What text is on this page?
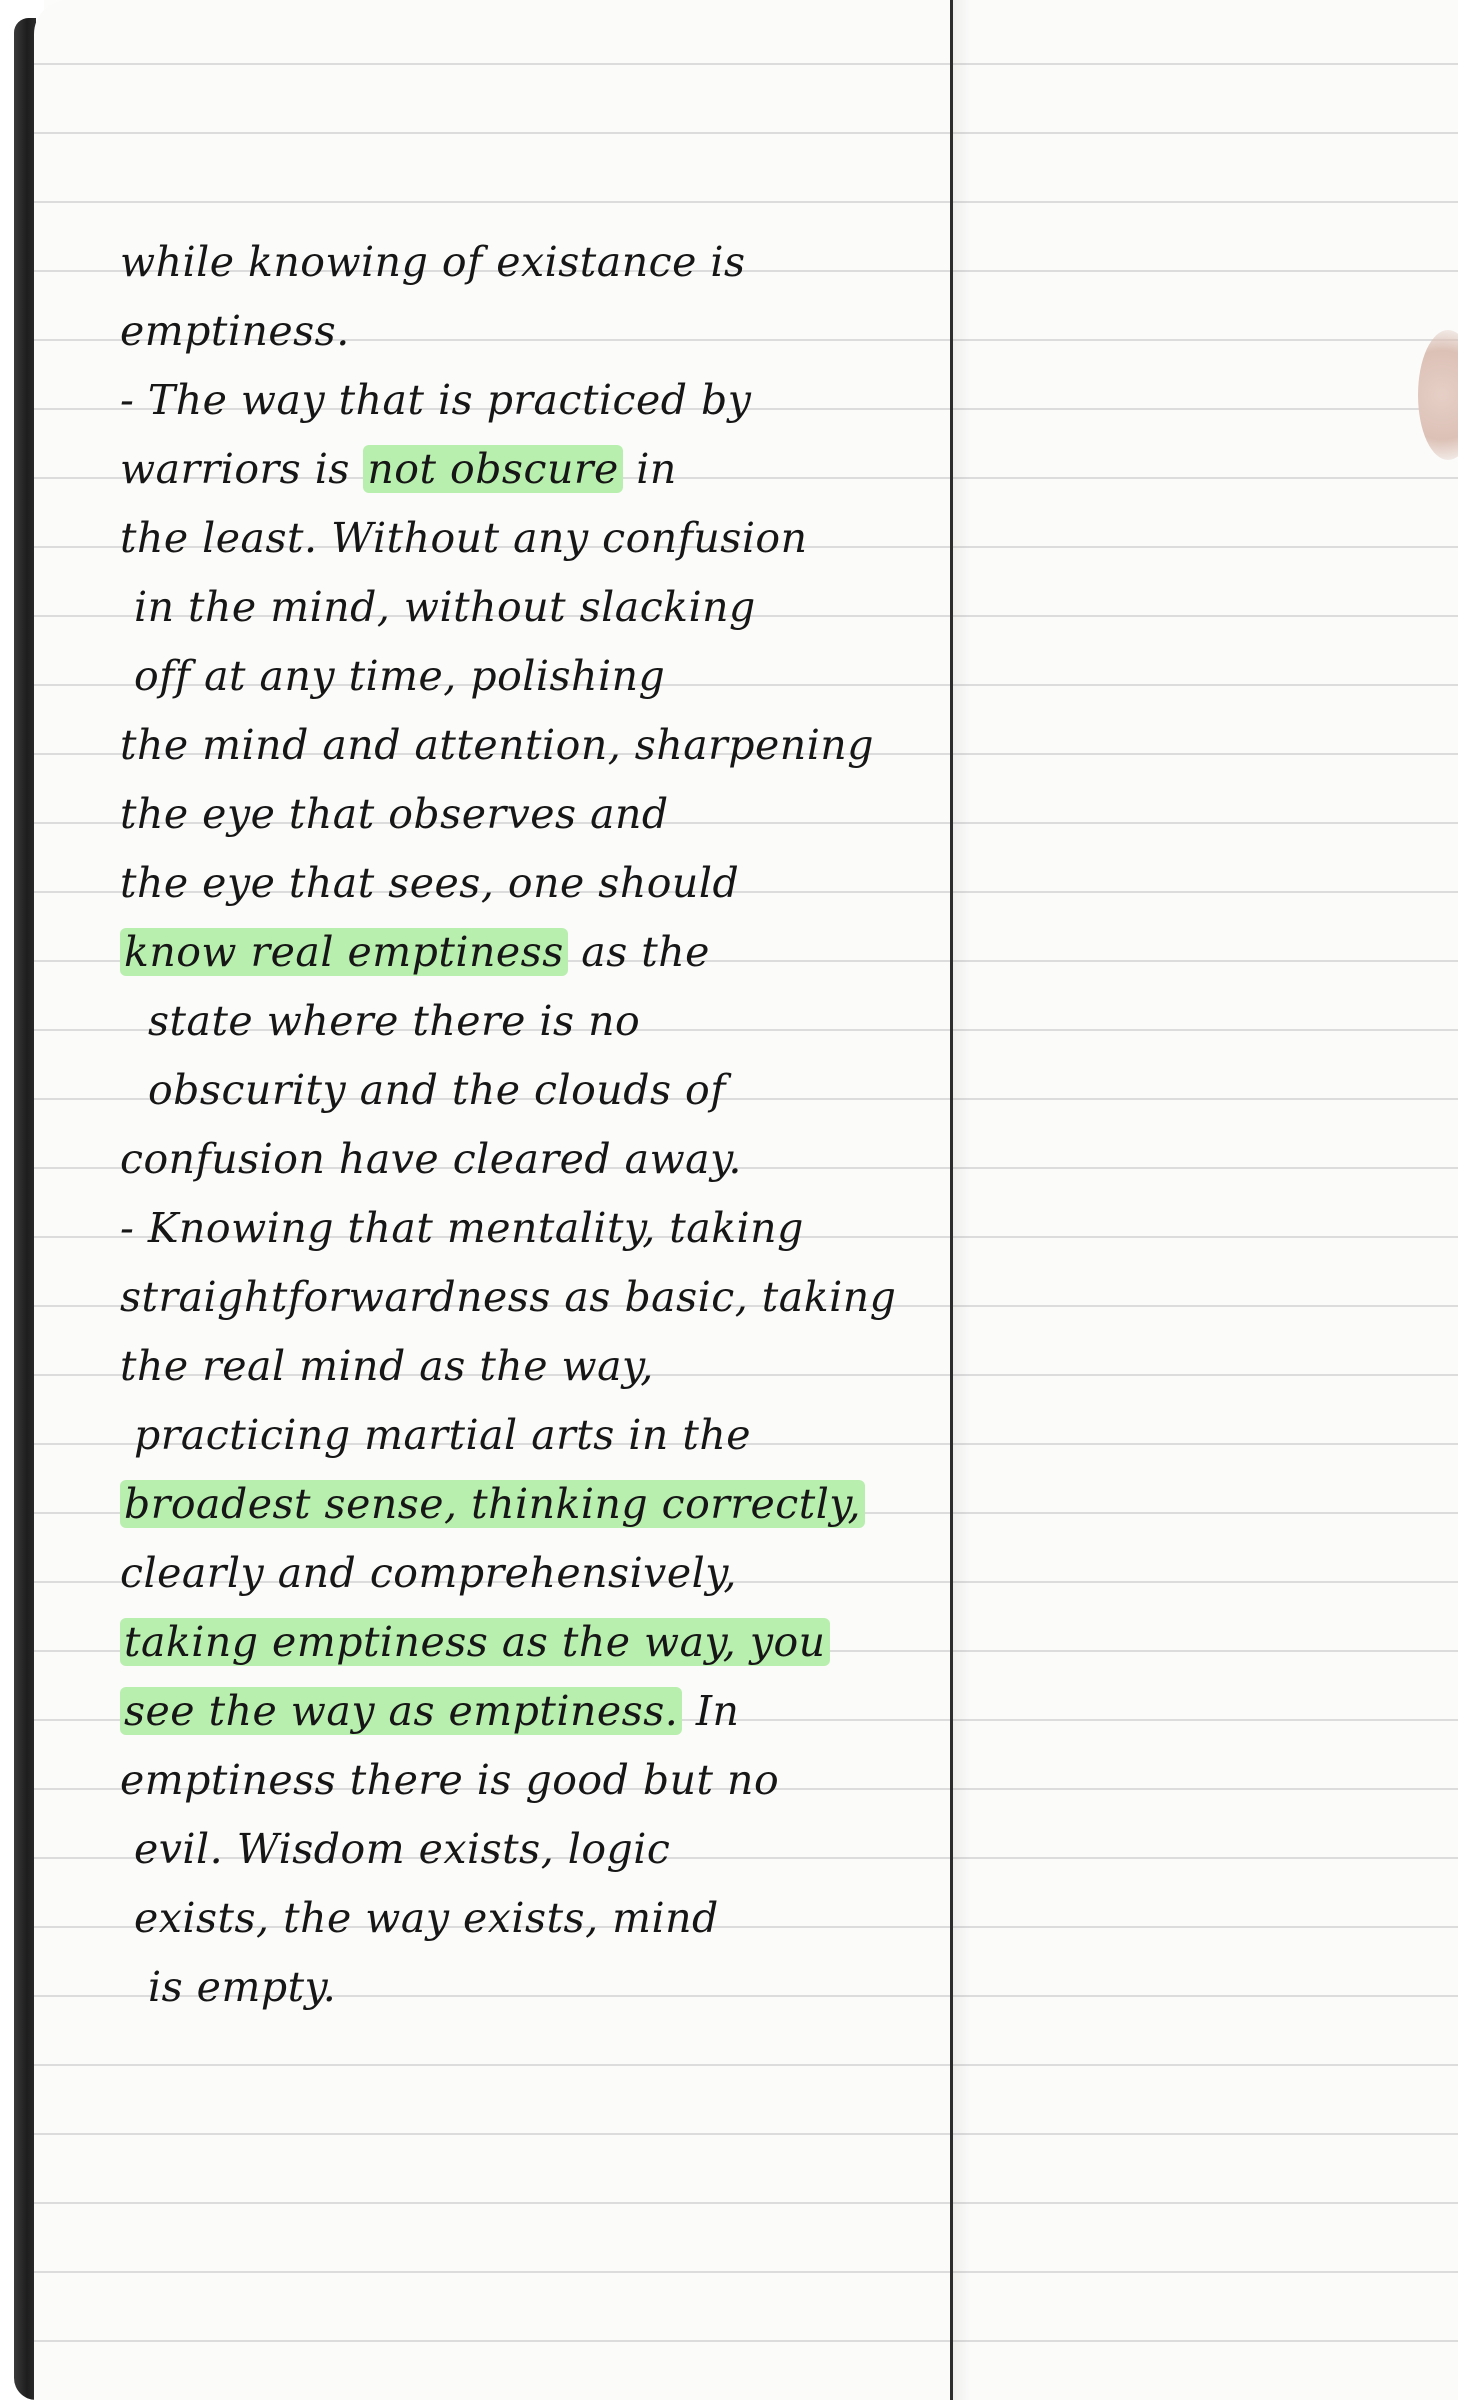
while knowing of existance is
emptiness.
- The way that is practiced by
warriors is not obscure in
the least. Without any confusion
in the mind, without slacking
off at any time, polishing
the mind and attention, sharpening
the eye that observes and
the eye that sees, one should
know real emptiness as the
state where there is no
obscurity and the clouds of
confusion have cleared away.
- Knowing that mentality, taking
straightforwardness as basic, taking
the real mind as the way,
practicing martial arts in the
broadest sense, thinking correctly,
clearly and comprehensively,
taking emptiness as the way, you
see the way as emptiness. In
emptiness there is good but no
evil. Wisdom exists, logic
exists, the way exists, mind
is empty.
